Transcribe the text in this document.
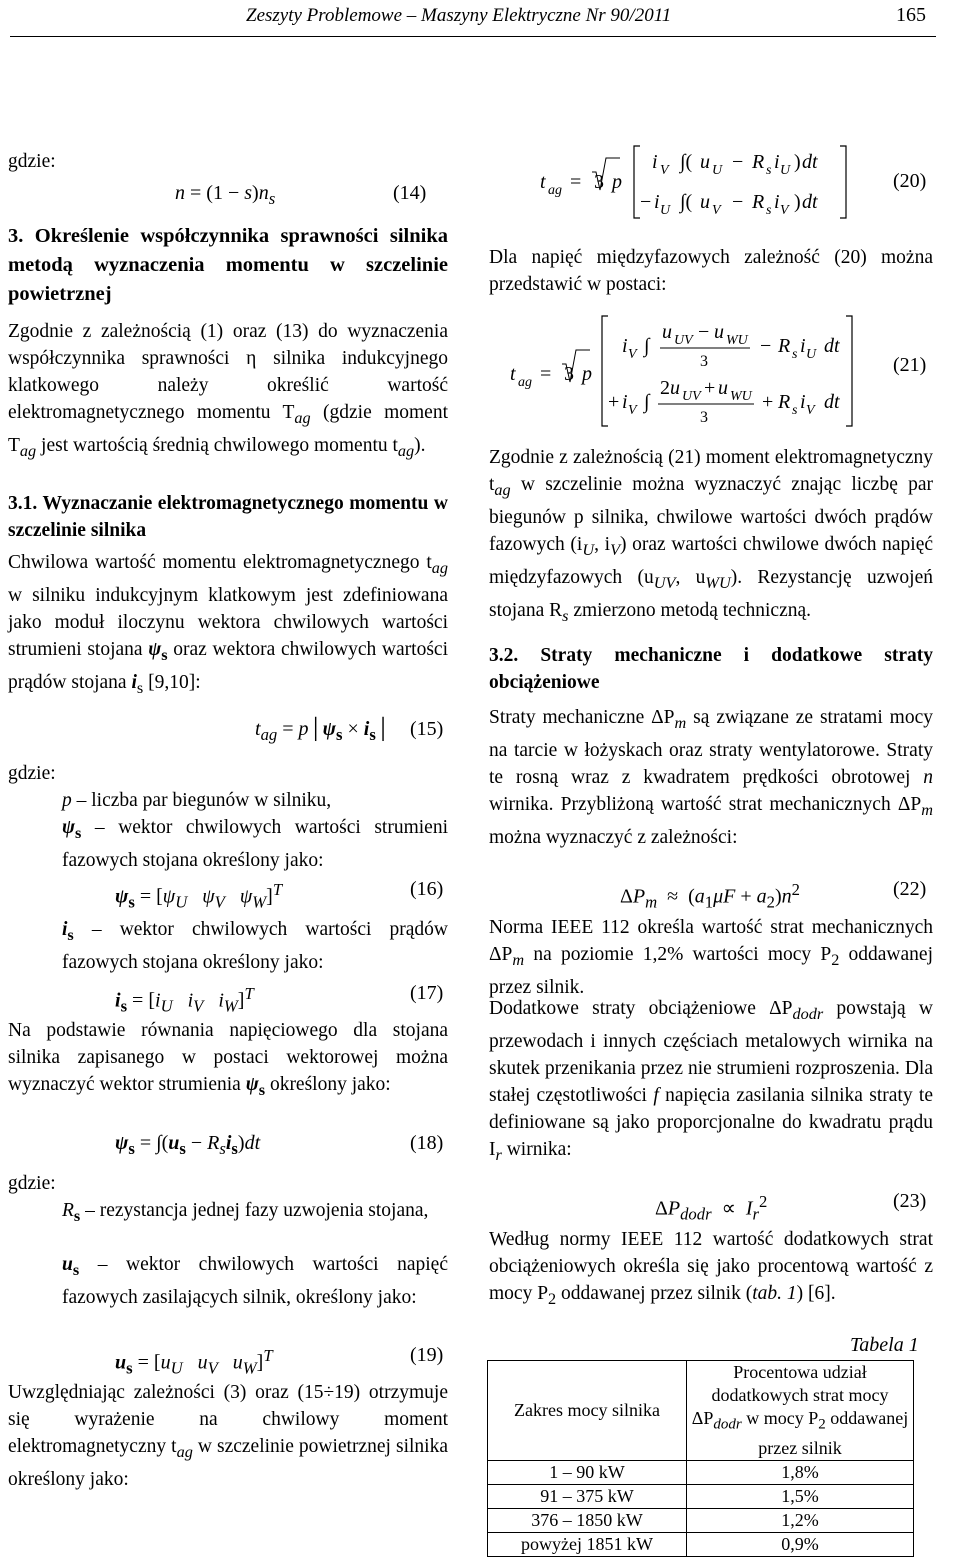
Zeszyty Problemowe – Maszyny Elektryczne Nr 90/2011	165
gdzie:
$n = (1 - s)n_s$	(14)
3. Określenie współczynnika sprawności silnika metodą wyznaczenia momentu w szczelinie powietrznej
Zgodnie z zależnością (1) oraz (13) do wyznaczenia współczynnika sprawności η silnika indukcyjnego klatkowego należy określić wartość elektromagnetycznego momentu $T_{ag}$ (gdzie moment $T_{ag}$ jest wartością średnią chwilowego momentu $t_{ag}$).
3.1. Wyznaczanie elektromagnetycznego momentu w szczelinie silnika
Chwilowa wartość momentu elektromagnetycznego $t_{ag}$ w silniku indukcyjnym klatkowym jest zdefiniowana jako moduł iloczynu wektora chwilowych wartości strumieni stojana $\psi_s$ oraz wektora chwilowych wartości prądów stojana $i_s$ [9,10]:
$t_{ag}$ = $p│\psi_s$ × $i_s│$ (15)
gdzie:
p – liczba par biegunów w silniku,
$\psi_s$ – wektor chwilowych wartości strumieni fazowych stojana określony jako:
$\psi_s = [\psi_U$ $\psi_V$ $\psi_W]^T$	(16)
$i_s$ – wektor chwilowych wartości prądów fazowych stojana określony jako:
$i_s = [i_U$ $i_V$ $i_W]^T$	(17)
Na podstawie równania napięciowego dla stojana silnika zapisanego w postaci wektorowej można wyznaczyć wektor strumienia $\psi_s$ określony jako:
$\psi_s = \int(u_s - R_si_s)dt$	(18)
gdzie:
$R_s$ – rezystancja jednej fazy uzwojenia stojana,
$u_s$ – wektor chwilowych wartości napięć fazowych zasilających silnik, określony jako:
$u_s = [u_U$ $u_V$ $u_W]^T$	(19)
Uwzględniając zależności (3) oraz (15÷19) otrzymuje się wyrażenie na chwilowy moment elektromagnetyczny $t_{ag}$ w szczelinie powietrznej silnika określony jako:
t ag = 3 p
i V ∫( u U − R s i U ) dt
− i U ∫( u V − R s i V ) dt
(20)
Dla napięć międzyfazowych zależność (20) można przedstawić w postaci:
t ag = 3 p
i V ∫
u UV − u WU
3
− R s i U dt
+ i V ∫
2 u UV + u WU
3
+ R s i V dt
(21)
Zgodnie z zależnością (21) moment elektromagnetyczny $t_{ag}$ w szczelinie można wyznaczyć znając liczbę par biegunów p silnika, chwilowe wartości dwóch prądów fazowych ($i_U$, $i_V$) oraz wartości chwilowe dwóch napięć międzyfazowych ($u_{UV}$, $u_{WU}$). Rezystancję uzwojeń stojana $R_s$ zmierzono metodą techniczną.
3.2. Straty mechaniczne i dodatkowe straty obciążeniowe
Straty mechaniczne $\Delta P_m$ są związane ze stratami mocy na tarcie w łożyskach oraz straty wentylatorowe. Straty te rosną wraz z kwadratem prędkości obrotowej n wirnika. Przybliżoną wartość strat mechanicznych $\Delta P_m$ można wyznaczyć z zależności:
$\Delta P_m \approx (a_1\mu F + a_2)n^2$	(22)
Norma IEEE 112 określa wartość strat mechanicznych $\Delta P_m$ na poziomie 1,2% wartości mocy $P_2$ oddawanej przez silnik.
Dodatkowe straty obciążeniowe $\Delta P_{dodr}$ powstają w przewodach i innych częściach metalowych wirnika na skutek przenikania przez nie strumieni rozproszenia. Dla stałej częstotliwości f napięcia zasilania silnika straty te definiowane są jako proporcjonalne do kwadratu prądu $I_r$ wirnika:
$\Delta P_{dodr} \propto I_r^2$	(23)
Według normy IEEE 112 wartość dodatkowych strat obciążeniowych określa się jako procentową wartość z mocy $P_2$ oddawanej przez silnik (tab. 1) [6].
Tabela 1
Zakres mocy silnika	Procentowa udział dodatkowych strat mocy $\Delta P_{dodr}$ w mocy $P_2$ oddawanej przez silnik
1 – 90 kW	1,8%
91 – 375 kW	1,5%
376 – 1850 kW	1,2%
powyżej 1851 kW	0,9%
